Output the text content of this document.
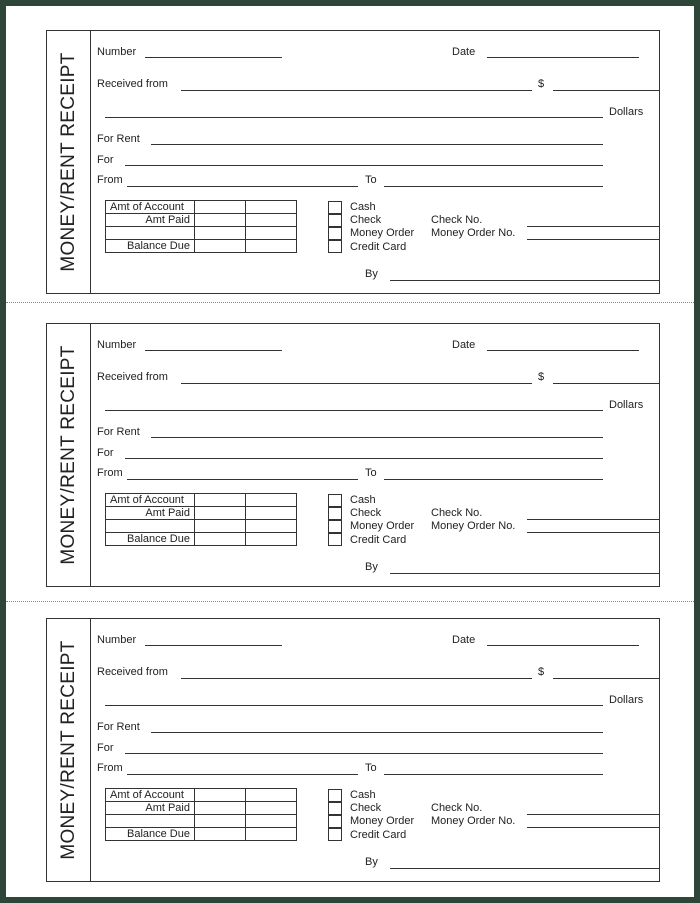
MONEY/RENT RECEIPT
Number	Date
Received from	$
Dollars
For Rent
For
From	To
Amt of Account		
Amt Paid		

Balance Due		
Cash
Check
Money Order
Credit Card
Check No.
Money Order No.
By
MONEY/RENT RECEIPT
Number	Date
Received from	$
Dollars
For Rent
For
From	To
Amt of Account		
Amt Paid		

Balance Due		
Cash
Check
Money Order
Credit Card
Check No.
Money Order No.
By
MONEY/RENT RECEIPT
Number	Date
Received from	$
Dollars
For Rent
For
From	To
Amt of Account		
Amt Paid		

Balance Due		
Cash
Check
Money Order
Credit Card
Check No.
Money Order No.
By
